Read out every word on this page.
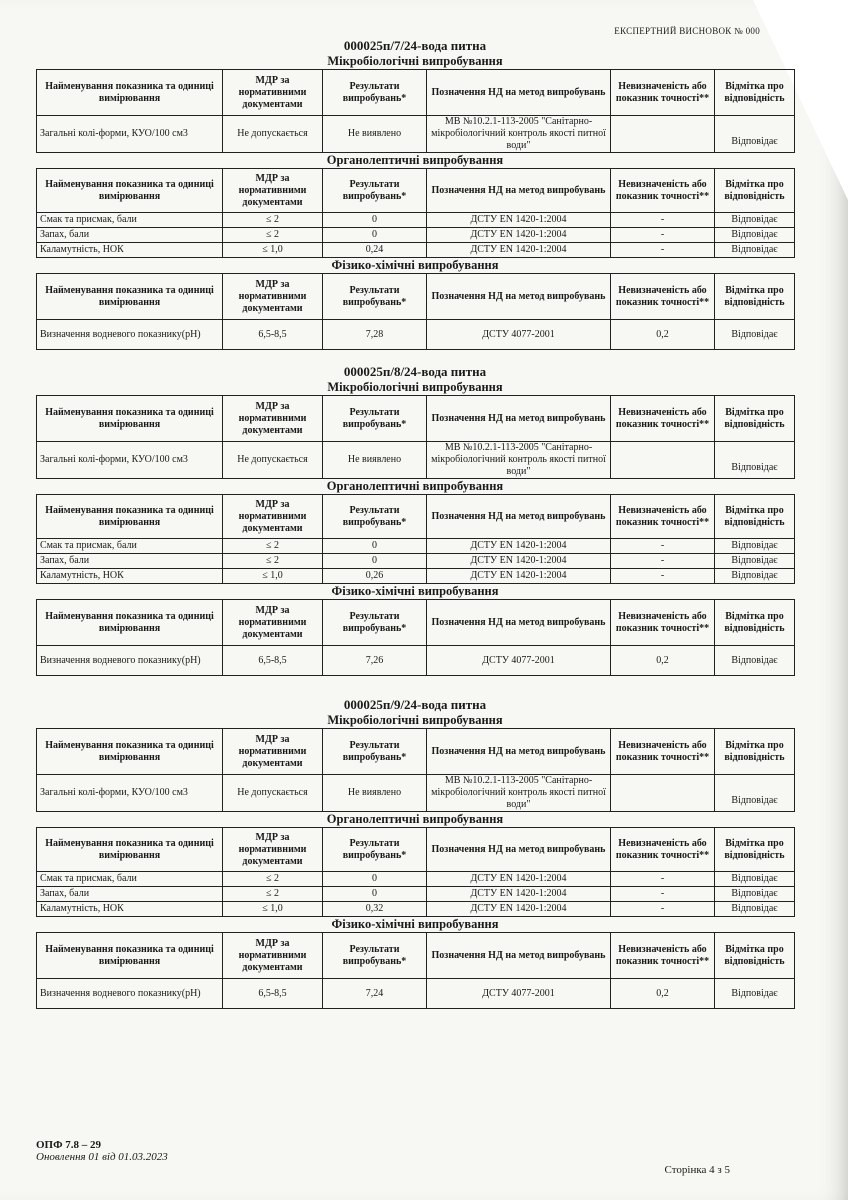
ЕКСПЕРТНИЙ ВИСНОВОК № 000
000025п/7/24-вода питна
Мікробіологічні випробування
Найменування показника та одиниці вимірювання	МДР за нормативними документами	Результати випробувань*	Позначення НД на метод випробувань	Невизначеність або показник точності**	Відмітка про відповідність
Загальні колі-форми, КУО/100 см3	Не допускається	Не виявлено	МВ №10.2.1-113-2005 "Санітарно-мікробіологічний контроль якості питної води"		Відповідає
Органолептичні випробування
Найменування показника та одиниці вимірювання	МДР за нормативними документами	Результати випробувань*	Позначення НД на метод випробувань	Невизначеність або показник точності**	Відмітка про відповідність
Смак та присмак, бали	≤ 2	0	ДСТУ EN 1420-1:2004	-	Відповідає
Запах, бали	≤ 2	0	ДСТУ EN 1420-1:2004	-	Відповідає
Каламутність, НОК	≤ 1,0	0,24	ДСТУ EN 1420-1:2004	-	Відповідає
Фізико-хімічні випробування
Найменування показника та одиниці вимірювання	МДР за нормативними документами	Результати випробувань*	Позначення НД на метод випробувань	Невизначеність або показник точності**	Відмітка про відповідність
Визначення водневого показнику(рН)	6,5-8,5	7,28	ДСТУ 4077-2001	0,2	Відповідає
000025п/8/24-вода питна
Мікробіологічні випробування
Найменування показника та одиниці вимірювання	МДР за нормативними документами	Результати випробувань*	Позначення НД на метод випробувань	Невизначеність або показник точності**	Відмітка про відповідність
Загальні колі-форми, КУО/100 см3	Не допускається	Не виявлено	МВ №10.2.1-113-2005 "Санітарно-мікробіологічний контроль якості питної води"		Відповідає
Органолептичні випробування
Найменування показника та одиниці вимірювання	МДР за нормативними документами	Результати випробувань*	Позначення НД на метод випробувань	Невизначеність або показник точності**	Відмітка про відповідність
Смак та присмак, бали	≤ 2	0	ДСТУ EN 1420-1:2004	-	Відповідає
Запах, бали	≤ 2	0	ДСТУ EN 1420-1:2004	-	Відповідає
Каламутність, НОК	≤ 1,0	0,26	ДСТУ EN 1420-1:2004	-	Відповідає
Фізико-хімічні випробування
Найменування показника та одиниці вимірювання	МДР за нормативними документами	Результати випробувань*	Позначення НД на метод випробувань	Невизначеність або показник точності**	Відмітка про відповідність
Визначення водневого показнику(рН)	6,5-8,5	7,26	ДСТУ 4077-2001	0,2	Відповідає
000025п/9/24-вода питна
Мікробіологічні випробування
Найменування показника та одиниці вимірювання	МДР за нормативними документами	Результати випробувань*	Позначення НД на метод випробувань	Невизначеність або показник точності**	Відмітка про відповідність
Загальні колі-форми, КУО/100 см3	Не допускається	Не виявлено	МВ №10.2.1-113-2005 "Санітарно-мікробіологічний контроль якості питної води"		Відповідає
Органолептичні випробування
Найменування показника та одиниці вимірювання	МДР за нормативними документами	Результати випробувань*	Позначення НД на метод випробувань	Невизначеність або показник точності**	Відмітка про відповідність
Смак та присмак, бали	≤ 2	0	ДСТУ EN 1420-1:2004	-	Відповідає
Запах, бали	≤ 2	0	ДСТУ EN 1420-1:2004	-	Відповідає
Каламутність, НОК	≤ 1,0	0,32	ДСТУ EN 1420-1:2004	-	Відповідає
Фізико-хімічні випробування
Найменування показника та одиниці вимірювання	МДР за нормативними документами	Результати випробувань*	Позначення НД на метод випробувань	Невизначеність або показник точності**	Відмітка про відповідність
Визначення водневого показнику(рН)	6,5-8,5	7,24	ДСТУ 4077-2001	0,2	Відповідає
ОПФ 7.8 – 29
Оновлення 01 від 01.03.2023
Сторінка 4 з 5
